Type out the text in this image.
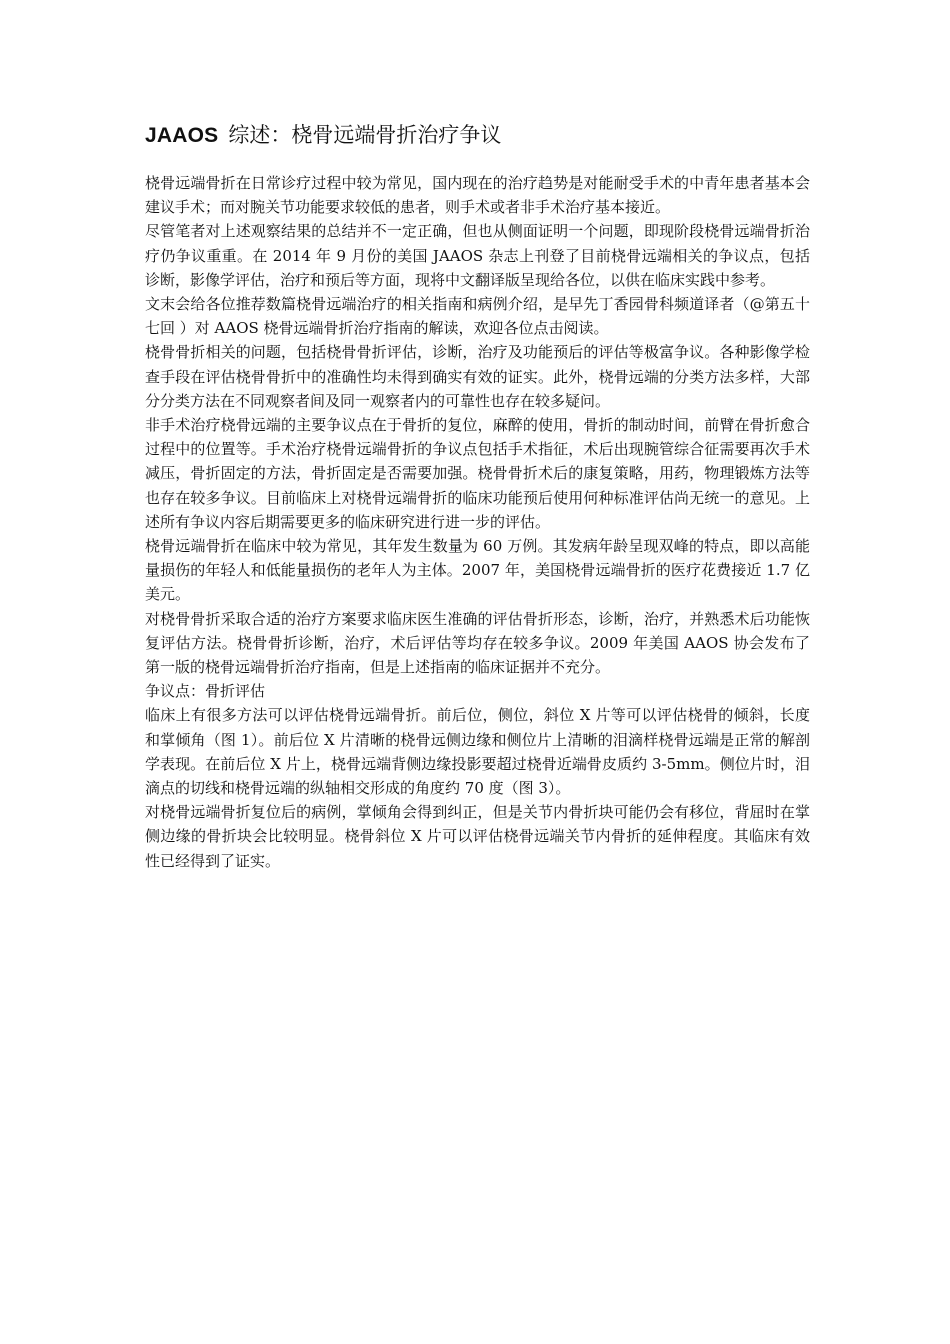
JAAOS 综述：桡骨远端骨折治疗争议

桡骨远端骨折在日常诊疗过程中较为常见，国内现在的治疗趋势是对能耐受手术的中青年患者基本会建议手术；而对腕关节功能要求较低的患者，则手术或者非手术治疗基本接近。

尽管笔者对上述观察结果的总结并不一定正确，但也从侧面证明一个问题，即现阶段桡骨远端骨折治疗仍争议重重。在 2014 年 9 月份的美国 JAAOS 杂志上刊登了目前桡骨远端相关的争议点，包括诊断，影像学评估，治疗和预后等方面，现将中文翻译版呈现给各位，以供在临床实践中参考。

文末会给各位推荐数篇桡骨远端治疗的相关指南和病例介绍，是早先丁香园骨科频道译者（@第五十七回 ）对 AAOS 桡骨远端骨折治疗指南的解读，欢迎各位点击阅读。

桡骨骨折相关的问题，包括桡骨骨折评估，诊断，治疗及功能预后的评估等极富争议。各种影像学检查手段在评估桡骨骨折中的准确性均未得到确实有效的证实。此外，桡骨远端的分类方法多样，大部分分类方法在不同观察者间及同一观察者内的可靠性也存在较多疑问。

非手术治疗桡骨远端的主要争议点在于骨折的复位，麻醉的使用，骨折的制动时间，前臂在骨折愈合过程中的位置等。手术治疗桡骨远端骨折的争议点包括手术指征，术后出现腕管综合征需要再次手术减压，骨折固定的方法，骨折固定是否需要加强。桡骨骨折术后的康复策略，用药，物理锻炼方法等也存在较多争议。目前临床上对桡骨远端骨折的临床功能预后使用何种标准评估尚无统一的意见。上述所有争议内容后期需要更多的临床研究进行进一步的评估。

桡骨远端骨折在临床中较为常见，其年发生数量为 60 万例。其发病年龄呈现双峰的特点，即以高能量损伤的年轻人和低能量损伤的老年人为主体。2007 年，美国桡骨远端骨折的医疗花费接近 1.7 亿美元。

对桡骨骨折采取合适的治疗方案要求临床医生准确的评估骨折形态，诊断，治疗，并熟悉术后功能恢复评估方法。桡骨骨折诊断，治疗，术后评估等均存在较多争议。2009 年美国 AAOS 协会发布了第一版的桡骨远端骨折治疗指南，但是上述指南的临床证据并不充分。

争议点：骨折评估

临床上有很多方法可以评估桡骨远端骨折。前后位，侧位，斜位 X 片等可以评估桡骨的倾斜，长度和掌倾角（图 1）。前后位 X 片清晰的桡骨远侧边缘和侧位片上清晰的泪滴样桡骨远端是正常的解剖学表现。在前后位 X 片上，桡骨远端背侧边缘投影要超过桡骨近端骨皮质约 3-5mm。侧位片时，泪滴点的切线和桡骨远端的纵轴相交形成的角度约 70 度（图 3）。

对桡骨远端骨折复位后的病例，掌倾角会得到纠正，但是关节内骨折块可能仍会有移位，背屈时在掌侧边缘的骨折块会比较明显。桡骨斜位 X 片可以评估桡骨远端关节内骨折的延伸程度。其临床有效性已经得到了证实。
